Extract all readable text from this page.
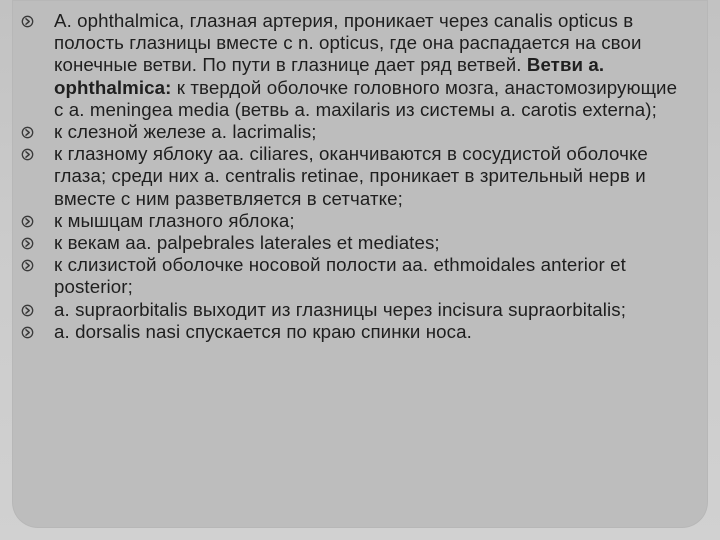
A. ophthalmica, глазная артерия, проникает через canalis opticus в полость глазницы вместе с n. opticus, где она распадается на свои конечные ветви. По пути в глазнице дает ряд ветвей. Ветви a. ophthalmica: к твердой оболочке головного мозга, анастомозирующие с a. meningea media (ветвь a. maxilaris из системы a. carotis externa);
к слезной железе a. lacrimalis;
к глазному яблоку aa. ciliares, оканчиваются в сосудистой оболочке глаза; среди них a. centralis retinae, проникает в зрительный нерв и вместе с ним разветвляется в сетчатке;
к мышцам глазного яблока;
к векам aa. palpebrales laterales et mediates;
к слизистой оболочке носовой полости aa. ethmoidales anterior et posterior;
a. supraorbitalis выходит из глазницы через incisura supraorbitalis;
a. dorsalis nasi спускается по краю спинки носа.
